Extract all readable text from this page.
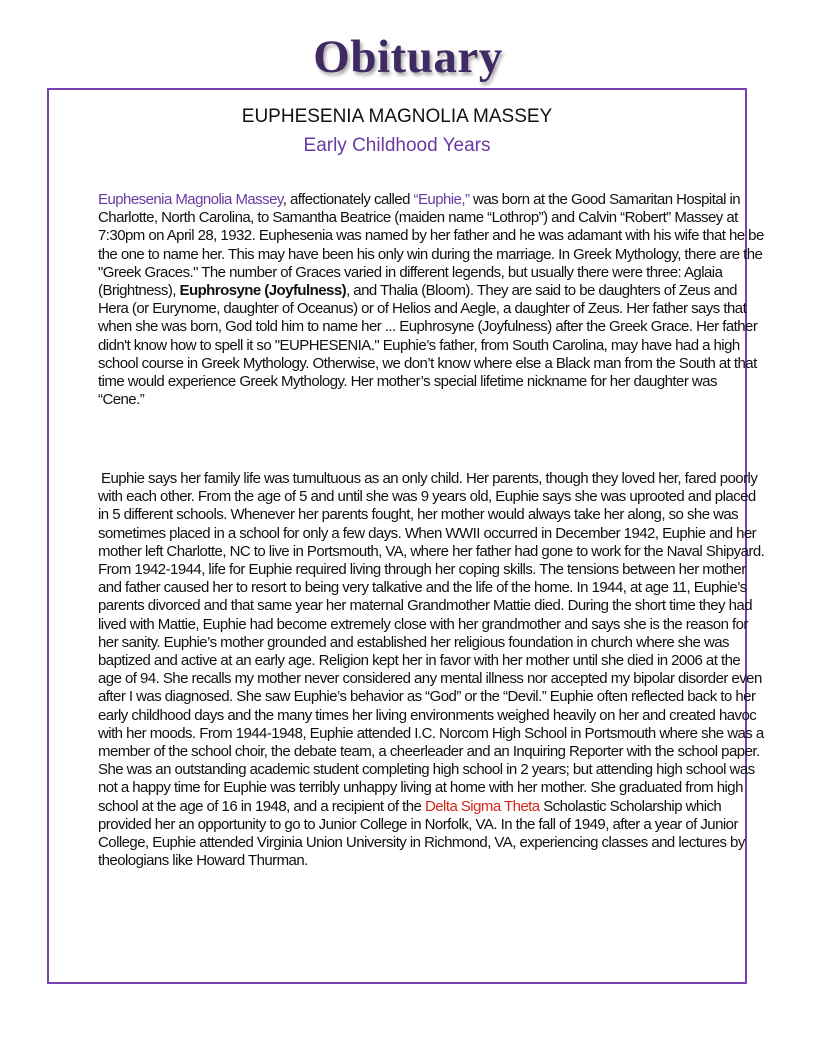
Obituary
EUPHESENIA MAGNOLIA MASSEY
Early Childhood Years

Euphesenia Magnolia Massey, affectionately called “Euphie,” was born at the Good Samaritan Hospital in Charlotte, North Carolina, to Samantha Beatrice (maiden name “Lothrop”) and Calvin “Robert” Massey at 7:30pm on April 28, 1932. Euphesenia was named by her father and he was adamant with his wife that he be the one to name her. This may have been his only win during the marriage. In Greek Mythology, there are the "Greek Graces." The number of Graces varied in different legends, but usually there were three: Aglaia (Brightness), Euphrosyne (Joyfulness), and Thalia (Bloom). They are said to be daughters of Zeus and Hera (or Eurynome, daughter of Oceanus) or of Helios and Aegle, a daughter of Zeus. Her father says that when she was born, God told him to name her ... Euphrosyne (Joyfulness) after the Greek Grace. Her father didn't know how to spell it so "EUPHESENIA." Euphie’s father, from South Carolina, may have had a high school course in Greek Mythology. Otherwise, we don’t know where else a Black man from the South at that time would experience Greek Mythology. Her mother’s special lifetime nickname for her daughter was “Cene.”

Euphie says her family life was tumultuous as an only child. Her parents, though they loved her, fared poorly with each other. From the age of 5 and until she was 9 years old, Euphie says she was uprooted and placed in 5 different schools. Whenever her parents fought, her mother would always take her along, so she was sometimes placed in a school for only a few days. When WWII occurred in December 1942, Euphie and her mother left Charlotte, NC to live in Portsmouth, VA, where her father had gone to work for the Naval Shipyard. From 1942-1944, life for Euphie required living through her coping skills. The tensions between her mother and father caused her to resort to being very talkative and the life of the home. In 1944, at age 11, Euphie’s parents divorced and that same year her maternal Grandmother Mattie died. During the short time they had lived with Mattie, Euphie had become extremely close with her grandmother and says she is the reason for her sanity. Euphie’s mother grounded and established her religious foundation in church where she was baptized and active at an early age. Religion kept her in favor with her mother until she died in 2006 at the age of 94. She recalls my mother never considered any mental illness nor accepted my bipolar disorder even after I was diagnosed. She saw Euphie’s behavior as “God” or the “Devil.” Euphie often reflected back to her early childhood days and the many times her living environments weighed heavily on her and created havoc with her moods. From 1944-1948, Euphie attended I.C. Norcom High School in Portsmouth where she was a member of the school choir, the debate team, a cheerleader and an Inquiring Reporter with the school paper. She was an outstanding academic student completing high school in 2 years; but attending high school was not a happy time for Euphie was terribly unhappy living at home with her mother. She graduated from high school at the age of 16 in 1948, and a recipient of the Delta Sigma Theta Scholastic Scholarship which provided her an opportunity to go to Junior College in Norfolk, VA. In the fall of 1949, after a year of Junior College, Euphie attended Virginia Union University in Richmond, VA, experiencing classes and lectures by theologians like Howard Thurman.
